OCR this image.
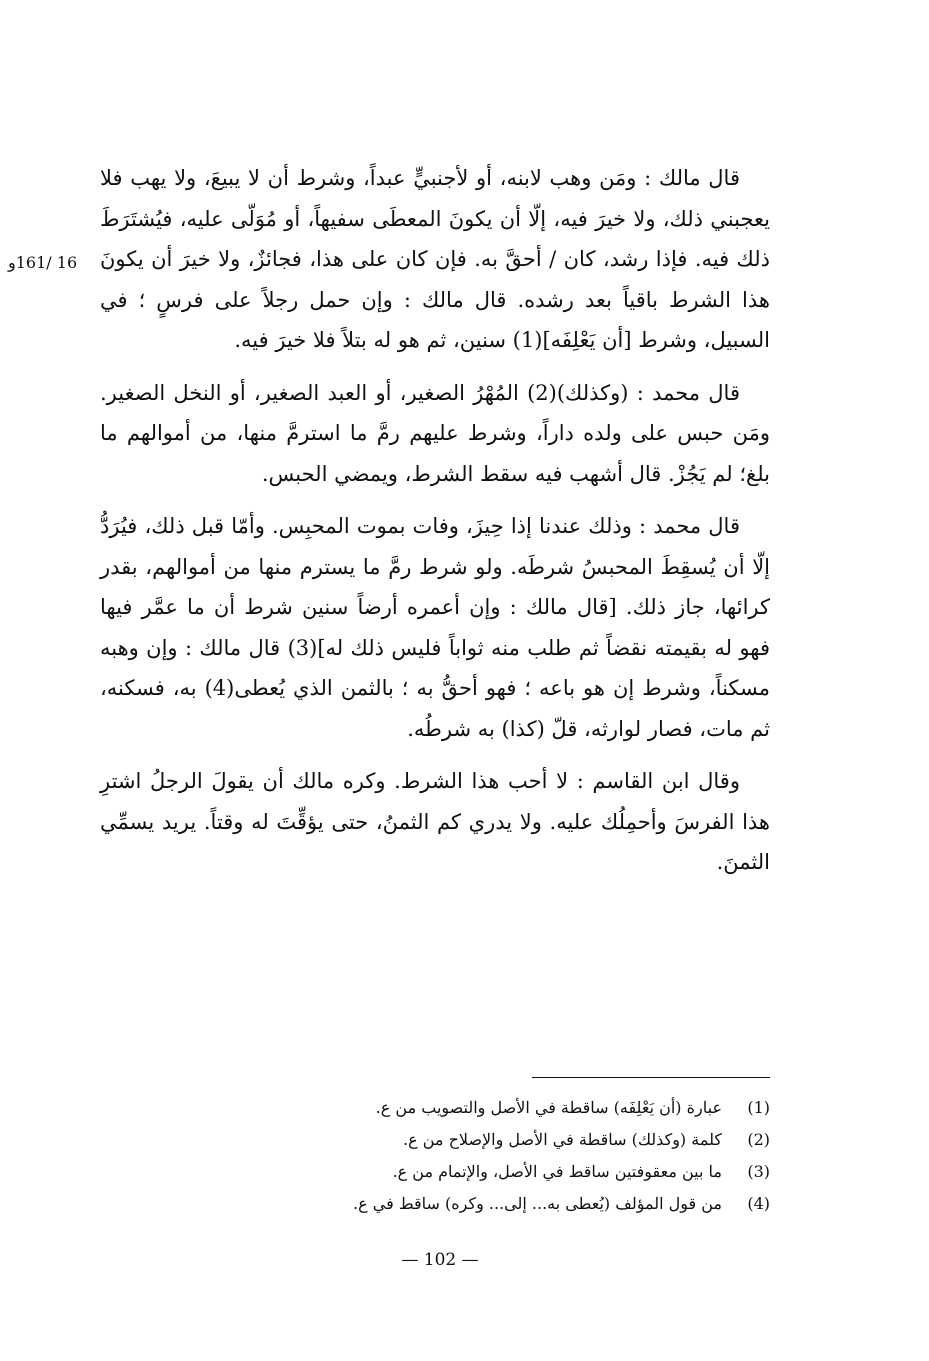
16 /161و

قال مالك : ومَن وهب لابنه، أو لأجنبيٍّ عبداً، وشرط أن لا يبيعَ، ولا يهب فلا يعجبني ذلك، ولا خيرَ فيه، إلّا أن يكونَ المعطَى سفيهاً، أو مُوَلّى عليه، فيُشتَرَطَ ذلك فيه. فإذا رشد، كان / أحقَّ به. فإن كان على هذا، فجائزٌ، ولا خيرَ أن يكونَ هذا الشرط باقياً بعد رشده. قال مالك : وإن حمل رجلاً على فرسٍ ؛ في السبيل، وشرط [أن يَعْلِفَه](1) سنين، ثم هو له بتلاً فلا خيرَ فيه.

قال محمد : (وكذلك)(2) المُهْرُ الصغير، أو العبد الصغير، أو النخل الصغير. ومَن حبس على ولده داراً، وشرط عليهم رمَّ ما استرمَّ منها، من أموالهم ما بلغ؛ لم يَجُزْ. قال أشهب فيه سقط الشرط، ويمضي الحبس.

قال محمد : وذلك عندنا إذا حِيزَ، وفات بموت المحبِس. وأمّا قبل ذلك، فيُرَدُّ إلّا أن يُسقِطَ المحبسُ شرطَه. ولو شرط رمَّ ما يسترم منها من أموالهم، بقدر كرائها، جاز ذلك. [قال مالك : وإن أعمره أرضاً سنين شرط أن ما عمَّر فيها فهو له بقيمته نقضاً ثم طلب منه ثواباً فليس ذلك له](3) قال مالك : وإن وهبه مسكناً، وشرط إن هو باعه ؛ فهو أحقُّ به ؛ بالثمن الذي يُعطى(4) به، فسكنه، ثم مات، فصار لوارثه، قلّ (كذا) به شرطُه.

وقال ابن القاسم : لا أحب هذا الشرط. وكره مالك أن يقولَ الرجلُ اشترِ هذا الفرسَ وأحمِلُك عليه. ولا يدري كم الثمنُ، حتى يؤقِّتَ له وقتاً. يريد يسمِّي الثمنَ.

(1)
عبارة (أن يَعْلِفَه) ساقطة في الأصل والتصويب من ع.
(2)
كلمة (وكذلك) ساقطة في الأصل والإصلاح من ع.
(3)
ما بين معقوفتين ساقط في الأصل، والإتمام من ع.
(4)
من قول المؤلف (يُعطى به... إلى... وكره) ساقط في ع.
— 102 —
